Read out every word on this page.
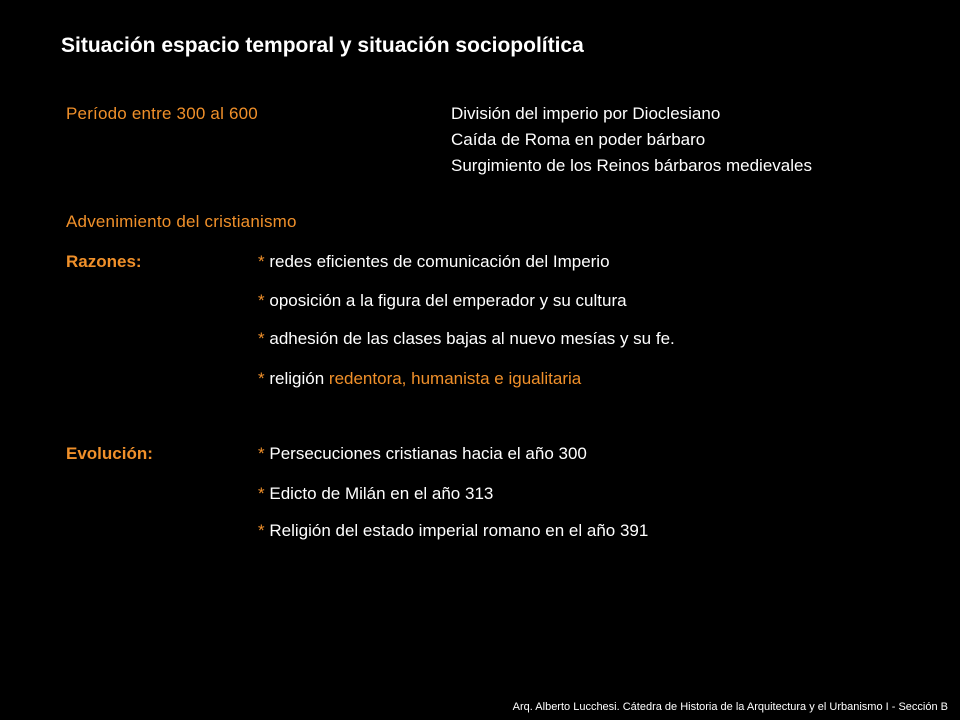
Situación espacio temporal y situación sociopolítica
Período entre 300 al 600	División del imperio por Dioclesiano
Caída de Roma en poder bárbaro
Surgimiento de los Reinos bárbaros medievales
Advenimiento del cristianismo
Razones:	* redes eficientes de comunicación del Imperio
* oposición a la figura del emperador y su cultura
* adhesión de las clases bajas al nuevo mesías y su fe.
* religión redentora, humanista e igualitaria
Evolución:	* Persecuciones cristianas hacia el año 300
* Edicto de Milán en el año 313
* Religión del estado imperial romano en el año 391
Arq. Alberto Lucchesi. Cátedra de Historia de la Arquitectura y el Urbanismo I - Sección B
